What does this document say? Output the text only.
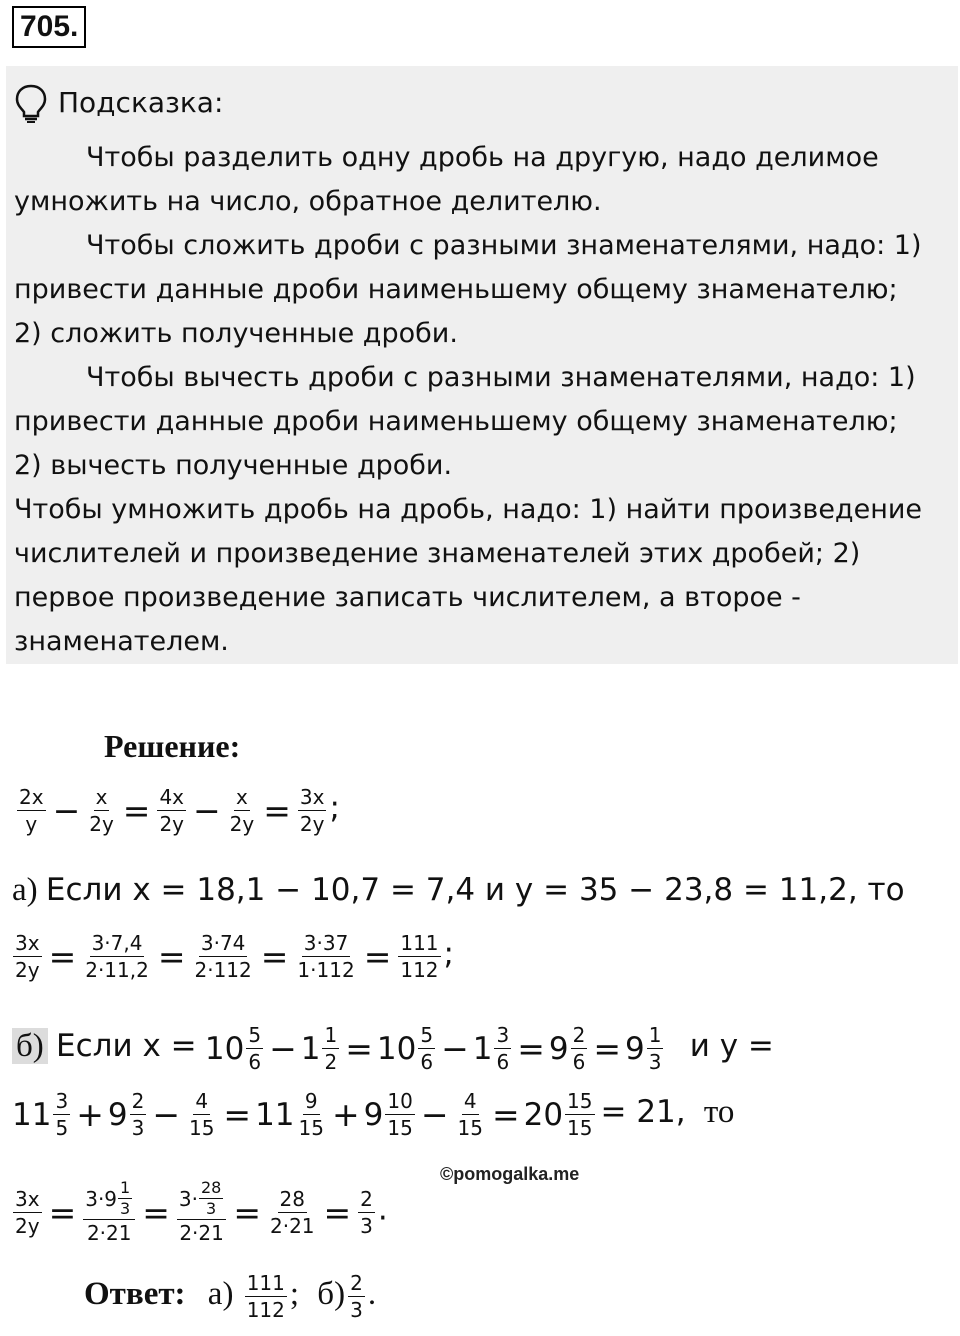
705.
Подсказка:

Чтобы разделить одну дробь на другую, надо делимое умножить на число, обратное делителю.

Чтобы сложить дроби с разными знаменателями, надо: 1) привести данные дроби наименьшему общему знаменателю; 2) сложить полученные дроби.

Чтобы вычесть дроби с разными знаменателями, надо: 1) привести данные дроби наименьшему общему знаменателю; 2) вычесть полученные дроби.

Чтобы умножить дробь на дробь, надо: 1) найти произведение числителей и произведение знаменателей этих дробей; 2) первое произведение записать числителем, а второе - знаменателем.

Решение:
$\frac{2x}{y} - \frac{x}{2y} = \frac{4x}{2y} - \frac{x}{2y} = \frac{3x}{2y}$ ;
а) Если x = 18,1 − 10,7 = 7,4 и y = 35 − 23,8 = 11,2, то
$\frac{3x}{2y} = \frac{3\cdot 7,4}{2\cdot 11,2} = \frac{3\cdot 74}{2\cdot 112} = \frac{3\cdot 37}{1\cdot 112} = \frac{111}{112}$ ;
б) Если $x = 10 \frac{5}{6} - 1 \frac{1}{2} = 10 \frac{5}{6} - 1 \frac{3}{6} = 9 \frac{2}{6} = 9 \frac{1}{3}$ и y =
$11 \frac{3}{5} + 9 \frac{2}{3} - \frac{4}{15} = 11 \frac{9}{15} + 9 \frac{10}{15} - \frac{4}{15} = 20 \frac{15}{15} = 21$, то
©pomogalka.me
$\frac{3x}{2y} = \frac{3\cdot 9 \frac{1}{3}}{2\cdot 21} = \frac{3\cdot \frac{28}{3}}{2\cdot 21} = \frac{28}{2\cdot 21} = \frac{2}{3}$ .
Ответ: $а) \frac{111}{112}$ ; $б) \frac{2}{3}$ .
